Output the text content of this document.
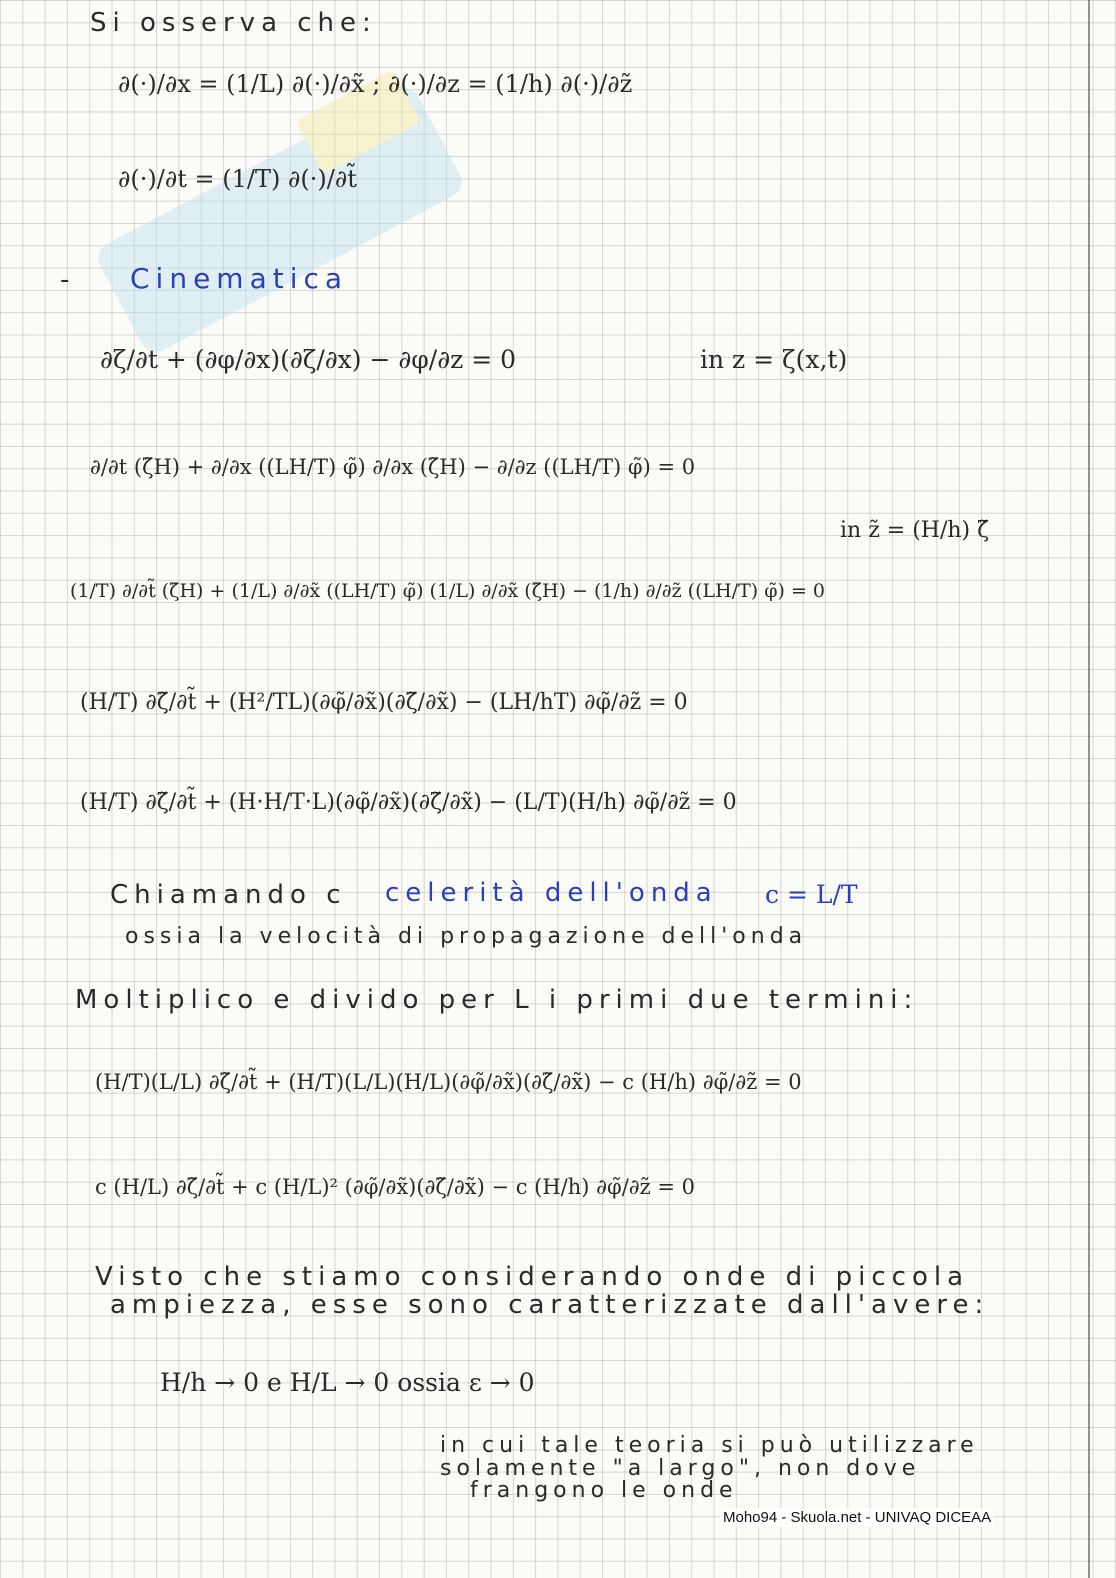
Si osserva che:
∂(·)/∂x = (1/L) ∂(·)/∂x̃ ; ∂(·)/∂z = (1/h) ∂(·)/∂z̃
∂(·)/∂t = (1/T) ∂(·)/∂t̃
- Cinematica
∂ζ/∂t + (∂φ/∂x)(∂ζ/∂x) − ∂φ/∂z = 0	in z = ζ(x,t)
∂/∂t (ζ̃H) + ∂/∂x ((LH/T) φ̃) ∂/∂x (ζ̃H) − ∂/∂z ((LH/T) φ̃) = 0
in z̃ = (H/h) ζ̃
(1/T) ∂/∂t̃ (ζ̃H) + (1/L) ∂/∂x̃ ((LH/T) φ̃) (1/L) ∂/∂x̃ (ζ̃H) − (1/h) ∂/∂z̃ ((LH/T) φ̃) = 0
(H/T) ∂ζ̃/∂t̃ + (H²/TL)(∂φ̃/∂x̃)(∂ζ̃/∂x̃) − (LH/hT) ∂φ̃/∂z̃ = 0
(H/T) ∂ζ̃/∂t̃ + (H·H/T·L)(∂φ̃/∂x̃)(∂ζ̃/∂x̃) − (L/T)(H/h) ∂φ̃/∂z̃ = 0
Chiamando c celerità dell'onda c = L/T
ossia la velocità di propagazione dell'onda
Moltiplico e divido per L i primi due termini:
(H/T)(L/L) ∂ζ̃/∂t̃ + (H/T)(L/L)(H/L)(∂φ̃/∂x̃)(∂ζ̃/∂x̃) − c (H/h) ∂φ̃/∂z̃ = 0
c (H/L) ∂ζ̃/∂t̃ + c (H/L)² (∂φ̃/∂x̃)(∂ζ̃/∂x̃) − c (H/h) ∂φ̃/∂z̃ = 0
Visto che stiamo considerando onde di piccola
ampiezza, esse sono caratterizzate dall'avere:
H/h → 0 e H/L → 0 ossia ε → 0
in cui tale teoria si può utilizzare
solamente "a largo", non dove
frangono le onde
Moho94 - Skuola.net - UNIVAQ DICEAA
